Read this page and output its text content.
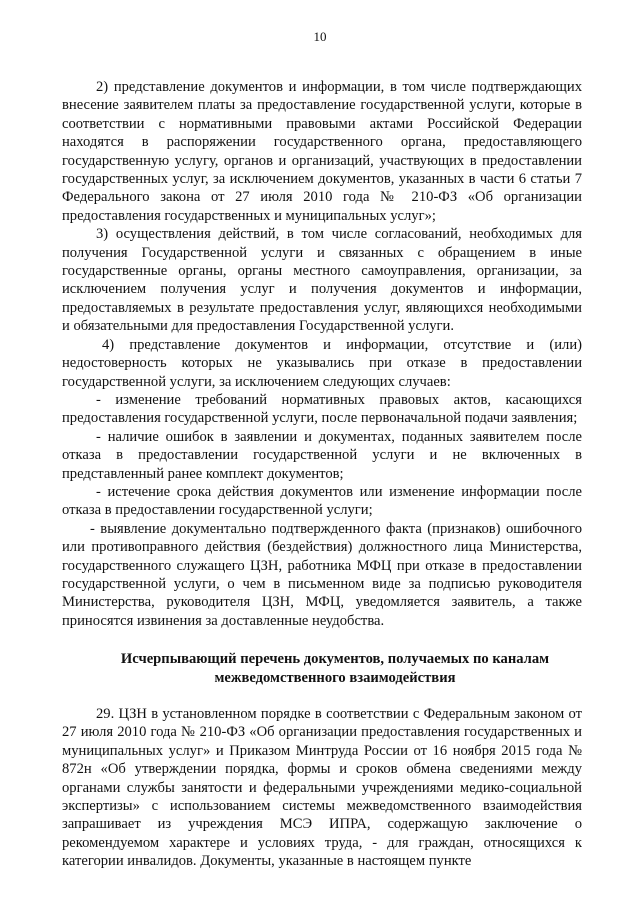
10

2) представление документов и информации, в том числе подтверждающих внесение заявителем платы за предоставление государственной услуги, которые в соответствии с нормативными правовыми актами Российской Федерации находятся в распоряжении государственного органа, предоставляющего государственную услугу, органов и организаций, участвующих в предоставлении государственных услуг, за исключением документов, указанных в части 6 статьи 7 Федерального закона от 27 июля 2010 года № 210-ФЗ «Об организации предоставления государственных и муниципальных услуг»;

3) осуществления действий, в том числе согласований, необходимых для получения Государственной услуги и связанных с обращением в иные государственные органы, органы местного самоуправления, организации, за исключением получения услуг и получения документов и информации, предоставляемых в результате предоставления услуг, являющихся необходимыми и обязательными для предоставления Государственной услуги.

4) представление документов и информации, отсутствие и (или) недостоверность которых не указывались при отказе в предоставлении государственной услуги, за исключением следующих случаев:

- изменение требований нормативных правовых актов, касающихся предоставления государственной услуги, после первоначальной подачи заявления;

- наличие ошибок в заявлении и документах, поданных заявителем после отказа в предоставлении государственной услуги и не включенных в представленный ранее комплект документов;

- истечение срока действия документов или изменение информации после отказа в предоставлении государственной услуги;

- выявление документально подтвержденного факта (признаков) ошибочного или противоправного действия (бездействия) должностного лица Министерства, государственного служащего ЦЗН, работника МФЦ при отказе в предоставлении государственной услуги, о чем в письменном виде за подписью руководителя Министерства, руководителя ЦЗН, МФЦ, уведомляется заявитель, а также приносятся извинения за доставленные неудобства.

Исчерпывающий перечень документов, получаемых по каналам
межведомственного взаимодействия

29. ЦЗН в установленном порядке в соответствии с Федеральным законом от 27 июля 2010 года № 210-ФЗ «Об организации предоставления государственных и муниципальных услуг» и Приказом Минтруда России от 16 ноября 2015 года № 872н «Об утверждении порядка, формы и сроков обмена сведениями между органами службы занятости и федеральными учреждениями медико-социальной экспертизы» с использованием системы межведомственного взаимодействия запрашивает из учреждения МСЭ ИПРА, содержащую заключение о рекомендуемом характере и условиях труда, - для граждан, относящихся к категории инвалидов. Документы, указанные в настоящем пункте
